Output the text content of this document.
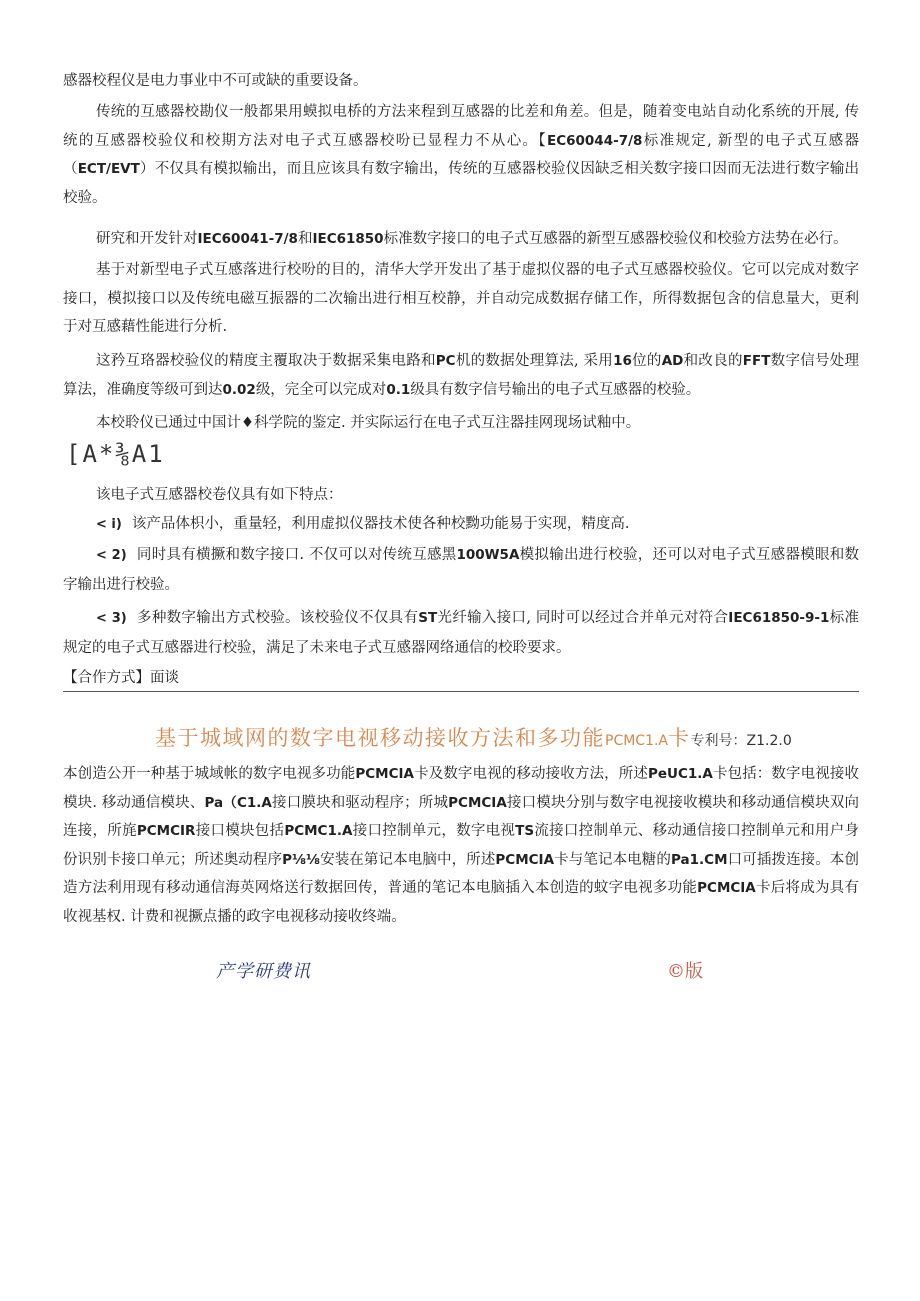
感器校程仪是电力事业中不可或缺的重要设备。

传统的互感器校勘仪一般都果用蟆拟电桥的方法来程到互感器的比差和角差。但是，随着变电站自动化系统的开展, 传统的互感器校验仪和校期方法对电子式互感器校吩已显程力不从心。【EC60044-7/8标准规定, 新型的电子式互感器（ECT/EVT）不仅具有模拟输出，而且应该具有数字输出，传统的互感器校验仪因缺乏相关数字接口因而无法进行数字输出校验。

研究和开发针对IEC60041-7/8和IEC61850标准数字接口的电子式互感器的新型互感器校验仪和校验方法势在必行。

基于对新型电子式互感落进行校吩的目的，清华大学开发出了基于虚拟仪器的电子式互感器校验仪。它可以完成对数字接口，模拟接口以及传统电磁互振器的二次输出进行相互校静，并自动完成数据存储工作，所得数据包含的信息量大，更利于对互感藉性能进行分析.

这矜互珞器校验仪的精度主覆取决于数据采集电路和PC机的数据处理算法, 采用16位的AD和改良的FFT数字信号处理算法，准确度等级可到达0.02级，完全可以完成对0.1级具有数字信号输出的电子式互感器的校验。

本校聆仪已通过中国计♦科学院的鉴定. 并实际运行在电子式互注器挂网现场试釉中。

[A*⅜A1

该电子式互感器校卷仪具有如下特点：

< i) 该产品体枳小，重量轻，利用虚拟仪器技术使各种校黝功能易于实现，精度高.

< 2) 同时具有横撅和数字接口. 不仅可以对传统互感黑100W5A模拟输出进行校验，还可以对电子式互感器模眼和数字输出进行校验。

< 3) 多种数字输出方式校验。该校验仪不仅具有ST光纤输入接口, 同时可以经过合并单元对符合IEC61850-9-1标准规定的电子式互感器进行校验，满足了未来电子式互感器网络通信的校聆要求。

【合作方式】面谈

基于城域网的数字电视移动接收方法和多功能PCMC1.A卡专利号：Z1.2.0

本创造公开一种基于城域帐的数字电视多功能PCMCIA卡及数字电视的移动接收方法，所述PeUC1.A卡包括：数字电视接收模块. 移动通信模块、Pa（C1.A接口膜块和驱动程序；所城PCMCIA接口模块分别与数字电视接收模块和移动通信模块双向连接，所旄PCMCIR接口模块包括PCMC1.A接口控制单元，数字电视TS流接口控制单元、移动通信接口控制单元和用户身份识别卡接口单元；所述奥动程序P⅛⅛安装在第记本电脑中，所述PCMCIA卡与笔记本电糖的Pa1.CM口可插拨连接。本创造方法利用现有移动通信海英网烙送行数据回传，普通的笔记本电脑插入本创造的蚊字电视多功能PCMCIA卡后将成为具有收视基权. 计费和视撅点播的政字电视移动接收终端。

产学研费讯	©版
